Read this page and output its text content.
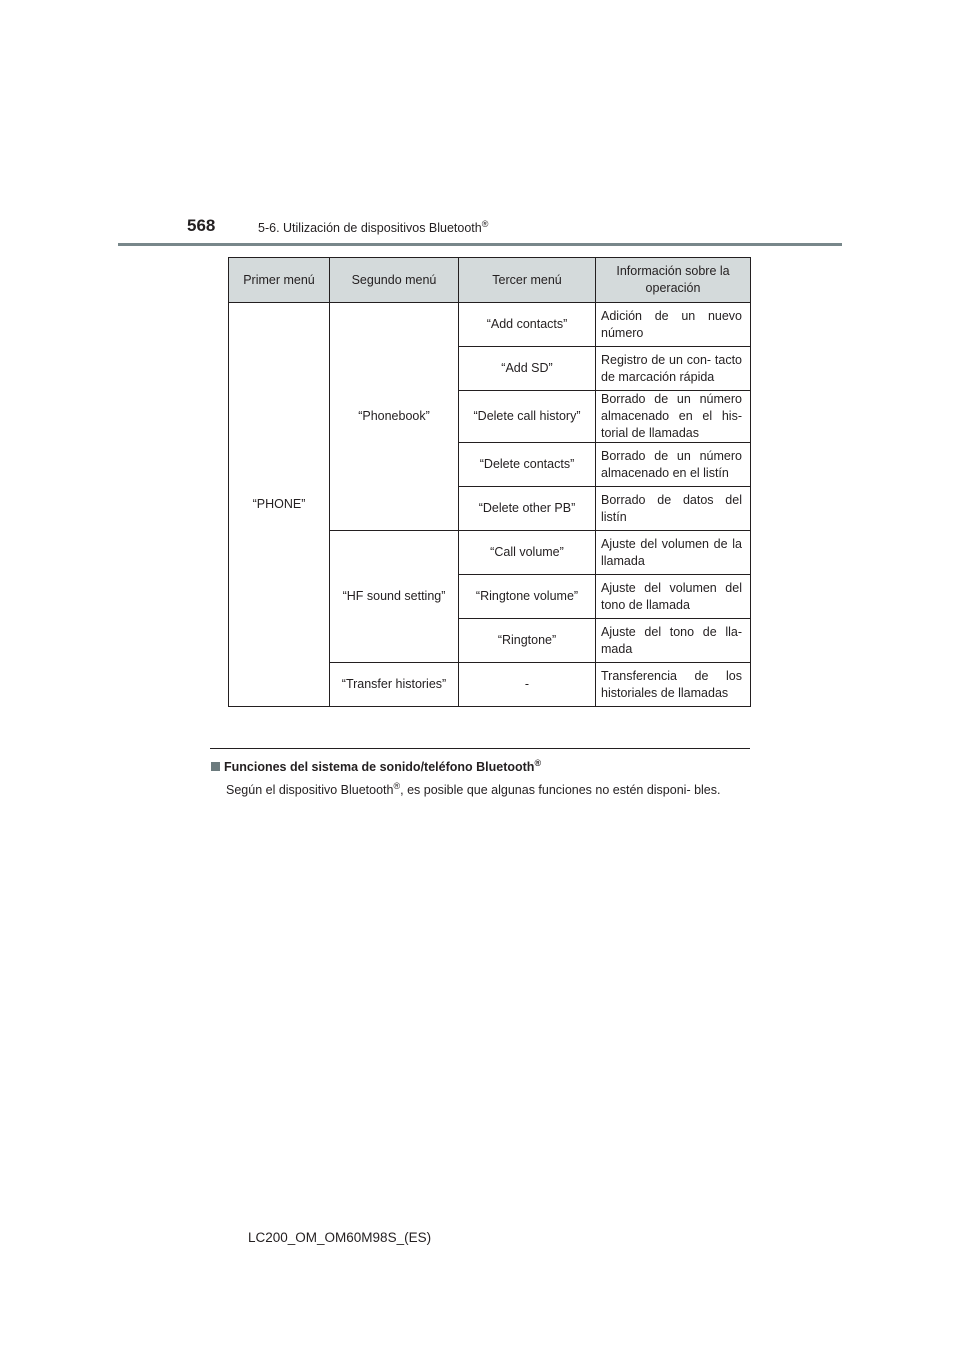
568	5-6. Utilización de dispositivos Bluetooth®
Primer menú	Segundo menú	Tercer menú	Información sobre la operación
“PHONE”	“Phonebook”	“Add contacts”	Adición de un nuevo número
		“Add SD”	Registro de un con- tacto de marcación rápida
		“Delete call history”	Borrado de un número almacenado en el his- torial de llamadas
		“Delete contacts”	Borrado de un número almacenado en el listín
		“Delete other PB”	Borrado de datos del listín
	“HF sound setting”	“Call volume”	Ajuste del volumen de la llamada
		“Ringtone volume”	Ajuste del volumen del tono de llamada
		“Ringtone”	Ajuste del tono de lla- mada
	“Transfer histories”	-	Transferencia de los historiales de llamadas
Funciones del sistema de sonido/teléfono Bluetooth®
Según el dispositivo Bluetooth®, es posible que algunas funciones no estén disponi- bles.
LC200_OM_OM60M98S_(ES)
